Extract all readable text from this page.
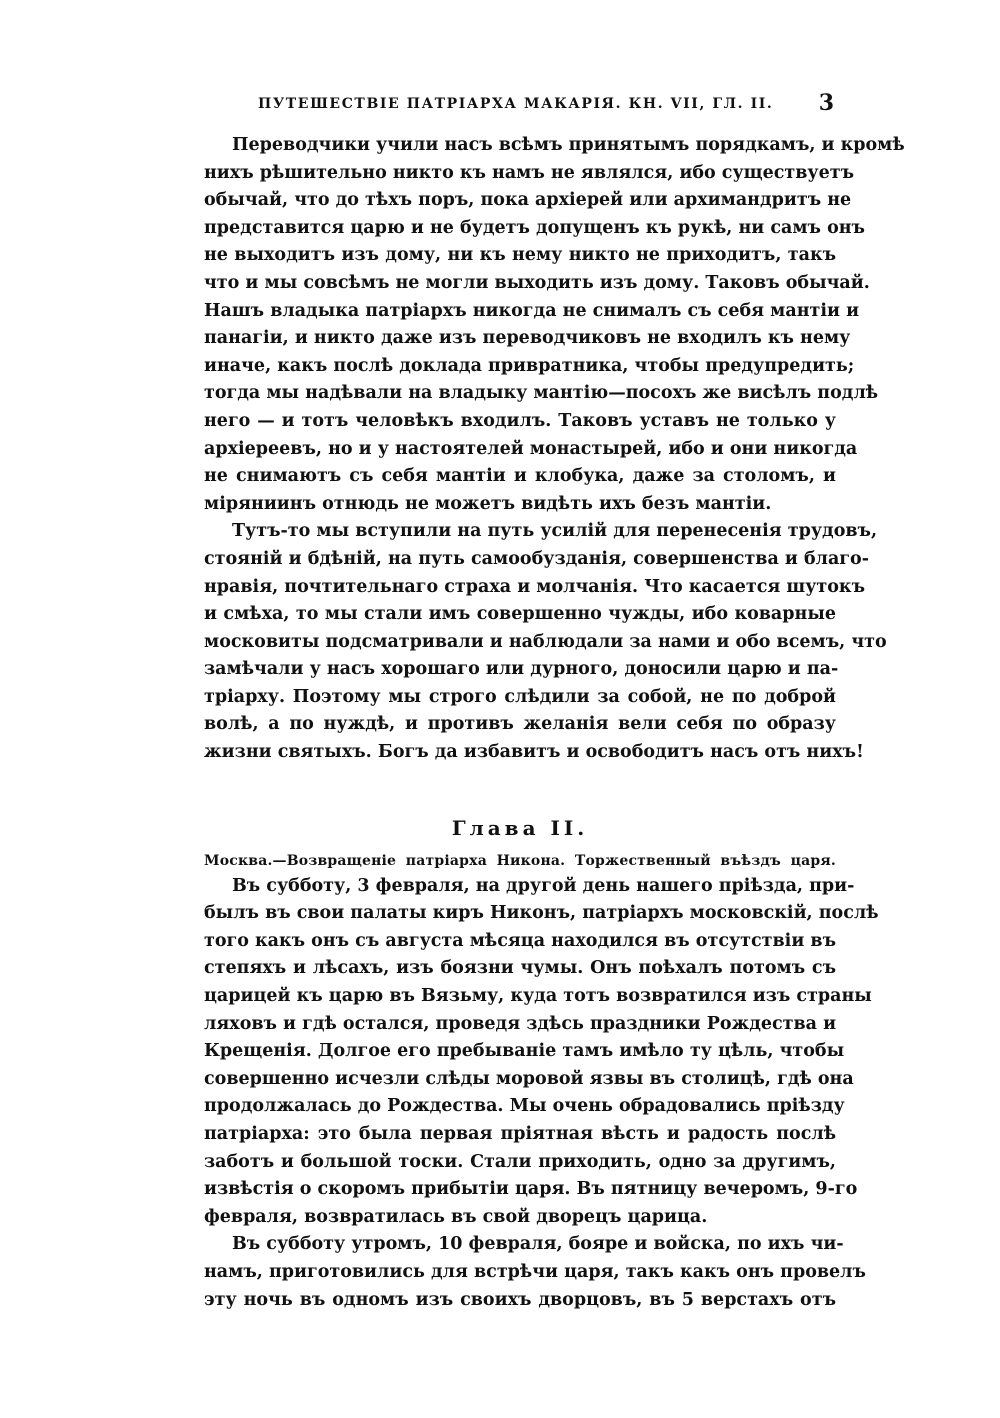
ПУТЕШЕСТВІЕ ПАТРІАРХА МАКАРІЯ. КН. VII, ГЛ. II. 3
Переводчики учили насъ всѣмъ принятымъ порядкамъ, и кромѣ
нихъ рѣшительно никто къ намъ не являлся, ибо существуетъ
обычай, что до тѣхъ поръ, пока архіерей или архимандритъ не
представится царю и не будетъ допущенъ къ рукѣ, ни самъ онъ
не выходитъ изъ дому, ни къ нему никто не приходитъ, такъ
что и мы совсѣмъ не могли выходить изъ дому. Таковъ обычай.
Нашъ владыка патріархъ никогда не снималъ съ себя мантіи и
панагіи, и никто даже изъ переводчиковъ не входилъ къ нему
иначе, какъ послѣ доклада привратника, чтобы предупредить;
тогда мы надѣвали на владыку мантію—посохъ же висѣлъ подлѣ
него — и тотъ человѣкъ входилъ. Таковъ уставъ не только у
архіереевъ, но и у настоятелей монастырей, ибо и они никогда
не снимаютъ съ себя мантіи и клобука, даже за столомъ, и
міряниинъ отнюдь не можетъ видѣть ихъ безъ мантіи.
Тутъ-то мы вступили на путь усилій для перенесенія трудовъ,
стояній и бдѣній, на путь самообузданія, совершенства и благо-
нравія, почтительнаго страха и молчанія. Что касается шутокъ
и смѣха, то мы стали имъ совершенно чужды, ибо коварные
московиты подсматривали и наблюдали за нами и обо всемъ, что
замѣчали у насъ хорошаго или дурного, доносили царю и па-
тріарху. Поэтому мы строго слѣдили за собой, не по доброй
волѣ, а по нуждѣ, и противъ желанія вели себя по образу
жизни святыхъ. Богъ да избавитъ и освободитъ насъ отъ нихъ!
Глава II.
Москва.—Возвращеніе патріарха Никона. Торжественный въѣздъ царя.
Въ субботу, 3 февраля, на другой день нашего пріѣзда, при-
былъ въ свои палаты киръ Никонъ, патріархъ московскій, послѣ
того какъ онъ съ августа мѣсяца находился въ отсутствіи въ
степяхъ и лѣсахъ, изъ боязни чумы. Онъ поѣхалъ потомъ съ
царицей къ царю въ Вязьму, куда тотъ возвратился изъ страны
ляховъ и гдѣ остался, проведя здѣсь праздники Рождества и
Крещенія. Долгое его пребываніе тамъ имѣло ту цѣль, чтобы
совершенно исчезли слѣды моровой язвы въ столицѣ, гдѣ она
продолжалась до Рождества. Мы очень обрадовались пріѣзду
патріарха: это была первая пріятная вѣсть и радость послѣ
заботъ и большой тоски. Стали приходить, одно за другимъ,
извѣстія о скоромъ прибытіи царя. Въ пятницу вечеромъ, 9-го
февраля, возвратилась въ свой дворецъ царица.
Въ субботу утромъ, 10 февраля, бояре и войска, по ихъ чи-
намъ, приготовились для встрѣчи царя, такъ какъ онъ провелъ
эту ночь въ одномъ изъ своихъ дворцовъ, въ 5 верстахъ отъ
